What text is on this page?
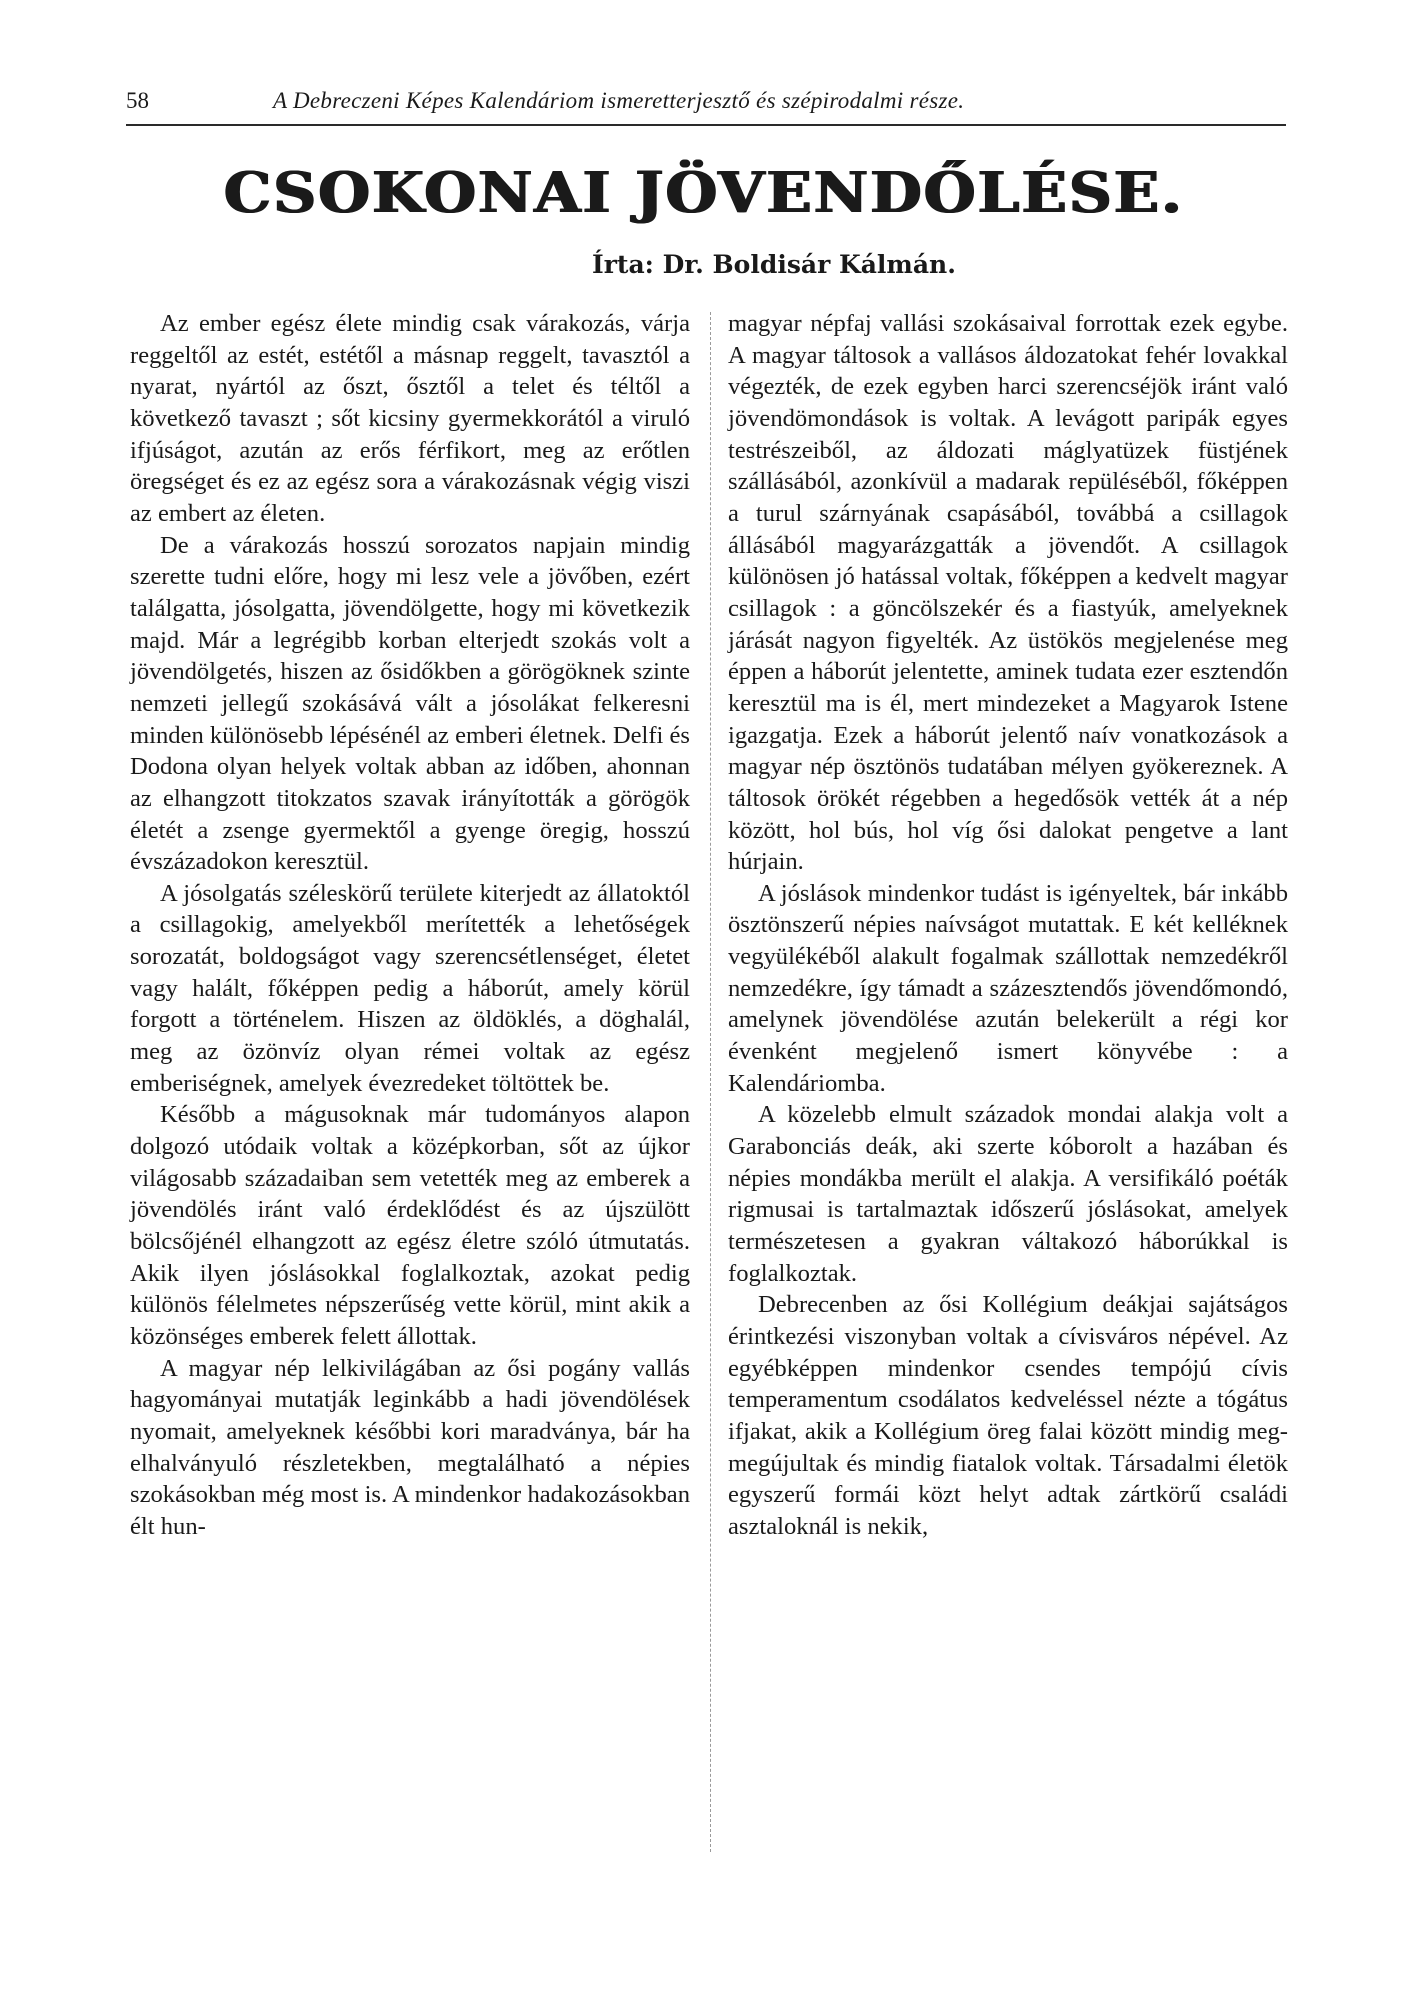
58	A Debreczeni Képes Kalendáriom ismeretterjesztő és szépirodalmi része.
CSOKONAI JÖVENDŐLÉSE.
Írta: Dr. Boldisár Kálmán.

Az ember egész élete mindig csak várakozás, várja reggeltől az estét, estétől a másnap reggelt, tavasztól a nyarat, nyártól az őszt, ősztől a telet és téltől a következő tavaszt ; sőt kicsiny gyermekkorától a viruló ifjúságot, azután az erős férfikort, meg az erőtlen öregséget és ez az egész sora a várakozásnak végig viszi az embert az életen.

De a várakozás hosszú sorozatos napjain mindig szerette tudni előre, hogy mi lesz vele a jövőben, ezért találgatta, jósolgatta, jövendölgette, hogy mi következik majd. Már a legrégibb korban elterjedt szokás volt a jövendölgetés, hiszen az ősidőkben a görögöknek szinte nemzeti jellegű szokásává vált a jósolákat felkeresni minden különösebb lépésénél az emberi életnek. Delfi és Dodona olyan helyek voltak abban az időben, ahonnan az elhangzott titokzatos szavak irányították a görögök életét a zsenge gyermektől a gyenge öregig, hosszú évszázadokon keresztül.

A jósolgatás széleskörű területe kiterjedt az állatoktól a csillagokig, amelyekből merítették a lehetőségek sorozatát, boldogságot vagy szerencsétlenséget, életet vagy halált, főképpen pedig a háborút, amely körül forgott a történelem. Hiszen az öldöklés, a döghalál, meg az özönvíz olyan rémei voltak az egész emberiségnek, amelyek évezredeket töltöttek be.

Később a mágusoknak már tudományos alapon dolgozó utódaik voltak a középkorban, sőt az újkor világosabb századaiban sem vetették meg az emberek a jövendölés iránt való érdeklődést és az újszülött bölcsőjénél elhangzott az egész életre szóló útmutatás. Akik ilyen jóslásokkal foglalkoztak, azokat pedig különös félelmetes népszerűség vette körül, mint akik a közönséges emberek felett állottak.

A magyar nép lelkivilágában az ősi pogány vallás hagyományai mutatják leginkább a hadi jövendölések nyomait, amelyeknek későbbi kori maradványa, bár ha elhalványuló részletekben, megtalálható a népies szokásokban még most is. A mindenkor hadakozásokban élt hun-

magyar népfaj vallási szokásaival forrottak ezek egybe. A magyar táltosok a vallásos áldozatokat fehér lovakkal végezték, de ezek egyben harci szerencséjök iránt való jövendömondások is voltak. A levágott paripák egyes testrészeiből, az áldozati máglyatüzek füstjének szállásából, azonkívül a madarak repüléséből, főképpen a turul szárnyának csapásából, továbbá a csillagok állásából magyarázgatták a jövendőt. A csillagok különösen jó hatással voltak, főképpen a kedvelt magyar csillagok : a göncölszekér és a fiastyúk, amelyeknek járását nagyon figyelték. Az üstökös megjelenése meg éppen a háborút jelentette, aminek tudata ezer esztendőn keresztül ma is él, mert mindezeket a Magyarok Istene igazgatja. Ezek a háborút jelentő naív vonatkozások a magyar nép ösztönös tudatában mélyen gyökereznek. A táltosok örökét régebben a hegedősök vették át a nép között, hol bús, hol víg ősi dalokat pengetve a lant húrjain.

A jóslások mindenkor tudást is igényeltek, bár inkább ösztönszerű népies naívságot mutattak. E két kelléknek vegyülékéből alakult fogalmak szállottak nemzedékről nemzedékre, így támadt a százesztendős jövendőmondó, amelynek jövendölése azután belekerült a régi kor évenként megjelenő ismert könyvébe : a Kalendáriomba.

A közelebb elmult századok mondai alakja volt a Garabonciás deák, aki szerte kóborolt a hazában és népies mondákba merült el alakja. A versifikáló poéták rigmusai is tartalmaztak időszerű jóslásokat, amelyek természetesen a gyakran váltakozó háborúkkal is foglalkoztak.

Debrecenben az ősi Kollégium deákjai sajátságos érintkezési viszonyban voltak a cívisváros népével. Az egyébképpen mindenkor csendes tempójú cívis temperamentum csodálatos kedveléssel nézte a tógátus ifjakat, akik a Kollégium öreg falai között mindig meg-megújultak és mindig fiatalok voltak. Társadalmi életök egyszerű formái közt helyt adtak zártkörű családi asztaloknál is nekik,
